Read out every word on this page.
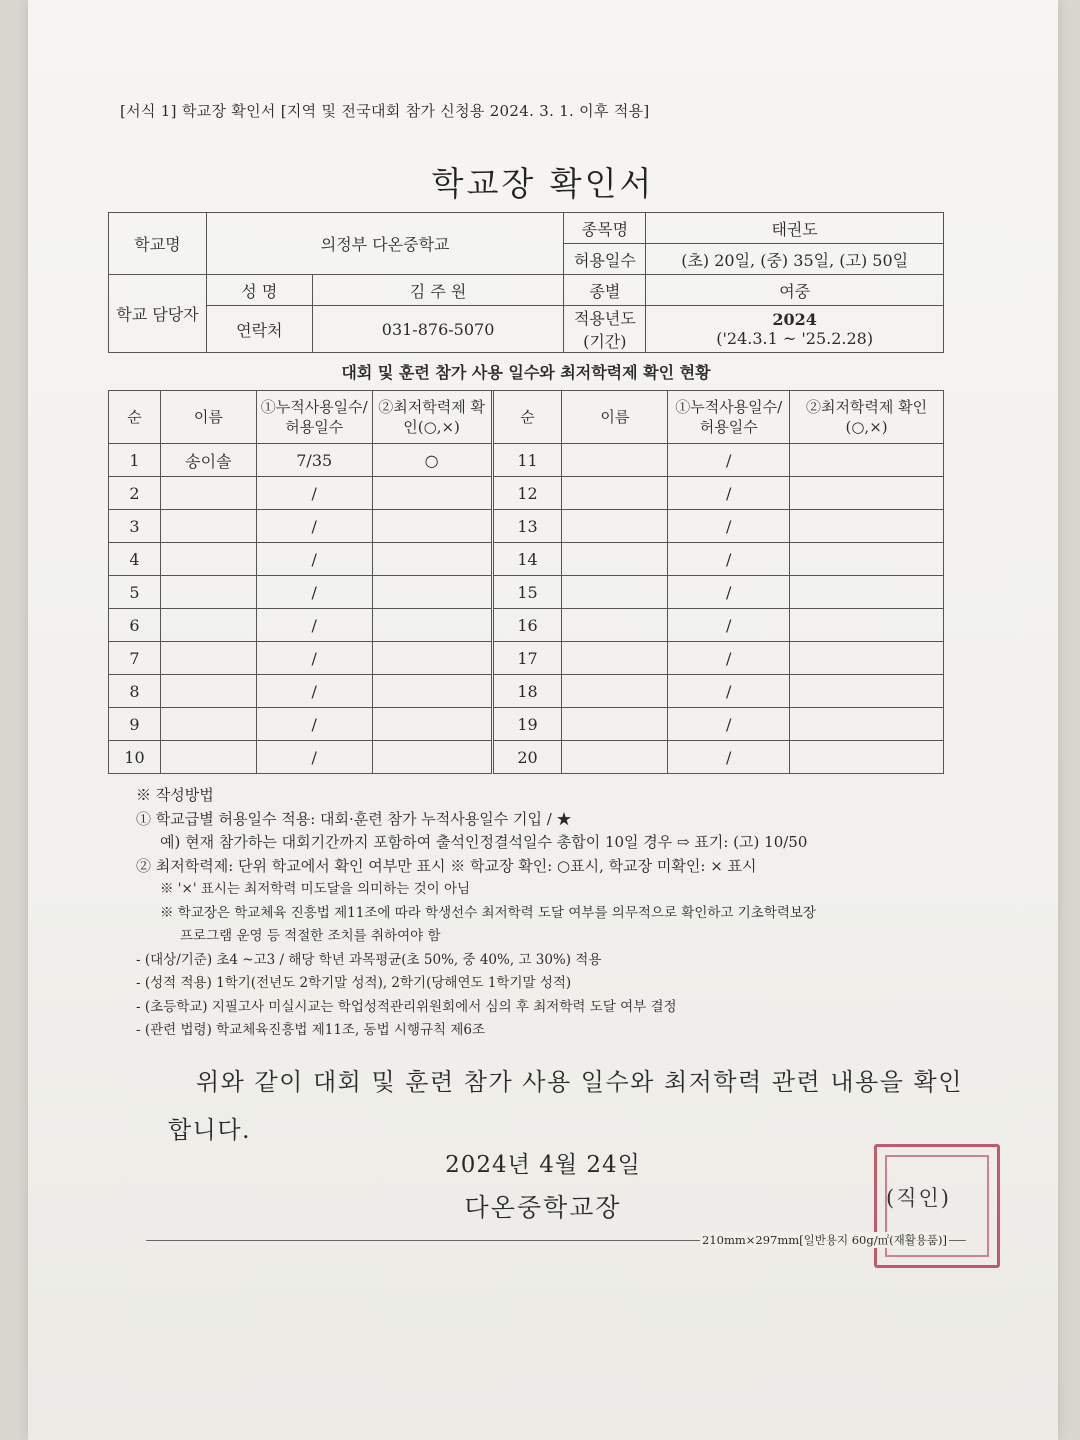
[서식 1] 학교장 확인서 [지역 및 전국대회 참가 신청용 2024. 3. 1. 이후 적용]
학교장 확인서
학교명	의정부 다온중학교		종목명	태권도
			허용일수	(초) 20일, (중) 35일, (고) 50일
학교 담당자	성 명	김 주 원	종별	여중
	연락처	031-876-5070	적용년도 (기간)	2024
('24.3.1 ~ '25.2.28)
대회 및 훈련 참가 사용 일수와 최저학력제 확인 현황
순	이름	①누적사용일수/ 허용일수	②최저학력제 확인(○,×)	순	이름	①누적사용일수/ 허용일수	②최저학력제 확인(○,×)
1	송이솔	7/35	○	11		/	
2		/		12		/	
3		/		13		/	
4		/		14		/	
5		/		15		/	
6		/		16		/	
7		/		17		/	
8		/		18		/	
9		/		19		/	
10		/		20		/	
※ 작성방법
① 학교급별 허용일수 적용: 대회·훈련 참가 누적사용일수 기입 / ★
예) 현재 참가하는 대회기간까지 포함하여 출석인정결석일수 총합이 10일 경우 ⇨ 표기: (고) 10/50
② 최저학력제: 단위 학교에서 확인 여부만 표시 ※ 학교장 확인: ○표시, 학교장 미확인: × 표시
※ '×' 표시는 최저학력 미도달을 의미하는 것이 아님
※ 학교장은 학교체육 진흥법 제11조에 따라 학생선수 최저학력 도달 여부를 의무적으로 확인하고 기초학력보장
프로그램 운영 등 적절한 조치를 취하여야 함
- (대상/기준) 초4 ~고3 / 해당 학년 과목평균(초 50%, 중 40%, 고 30%) 적용
- (성적 적용) 1학기(전년도 2학기말 성적), 2학기(당해연도 1학기말 성적)
- (초등학교) 지필고사 미실시교는 학업성적관리위원회에서 심의 후 최저학력 도달 여부 결정
- (관련 법령) 학교체육진흥법 제11조, 동법 시행규칙 제6조
위와 같이 대회 및 훈련 참가 사용 일수와 최저학력 관련 내용을 확인
합니다.
2024년 4월 24일
다온중학교장	(직인)
210mm×297mm[일반용지 60g/㎡(재활용품)]
